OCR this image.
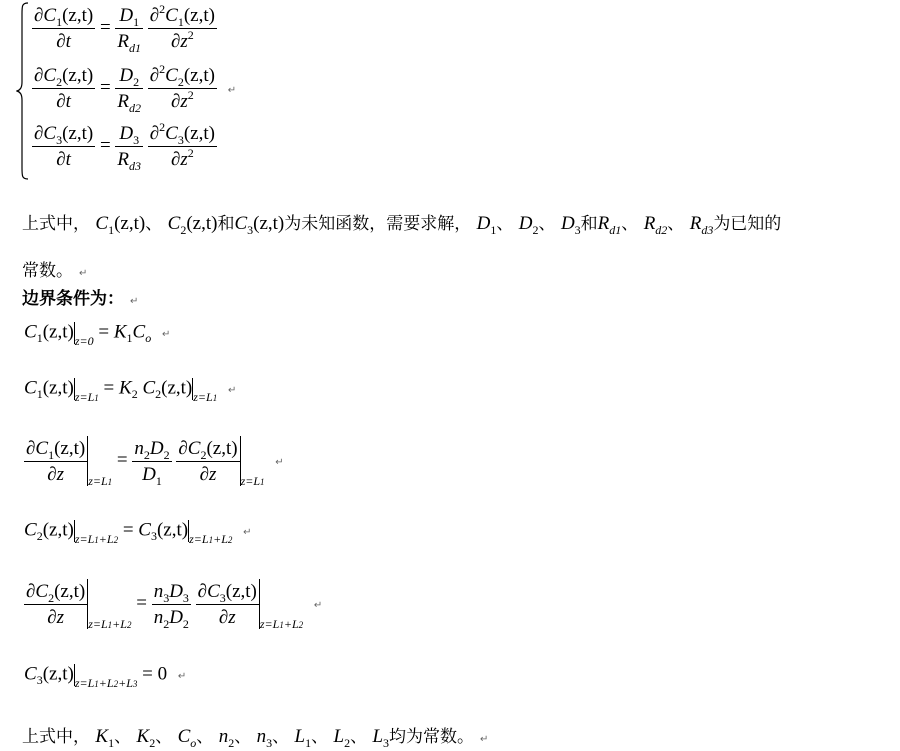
$\frac{\partial C_1(z,t)}{\partial t} = \frac{D_1}{R_{d1}}$
$\frac{\partial^2C_1(z,t)}{\partial z^2}$
$\frac{\partial C_2(z,t)}{\partial t} = \frac{D_2}{R_{d2}}$
$\frac{\partial^2C_2(z,t)}{\partial z^2}$ ↵
$\frac{\partial C_3(z,t)}{\partial t} = \frac{D_3}{R_{d3}}$
$\frac{\partial^2C_3(z,t)}{\partial z^2}$
上式中， $C_1(z,t)$、 $C_2(z,t)$和$C_3(z,t)$为未知函数，需要求解， $D_1$、 $D_2$、 $D_3$和$R_{d1}$、 $R_{d2}$、 $R_{d3}$为已知的
常数。 ↵
边界条件为： ↵
$C_1(z,t)_{z=0} = K_1C_o$ ↵
$C_1(z,t)_{z=L1} = K_2$ $C_2(z,t)_{z=L1}$ ↵
$\frac{\partial C_1(z,t)}{\partial z} _{z=L1} = \frac{n_2D_2}{D_1}$
$\frac{\partial C_2(z,t)}{\partial z} _{z=L1}$ ↵
$C_2(z,t)_{z=L1+L2} = C_3(z,t)_{z=L1+L2}$ ↵
$\frac{\partial C_2(z,t)}{\partial z} _{z=L1+L2} = \frac{n_3D_3}{n_2D_2}$
$\frac{\partial C_3(z,t)}{\partial z} _{z=L1+L2}$ ↵
$C_3(z,t)_{z=L1+L2+L3} = 0$ ↵
上式中， $K_1$、 $K_2$、 $C_o$、 $n_2$、 $n_3$、 $L_1$、 $L_2$、 $L_3$均为常数。 ↵
